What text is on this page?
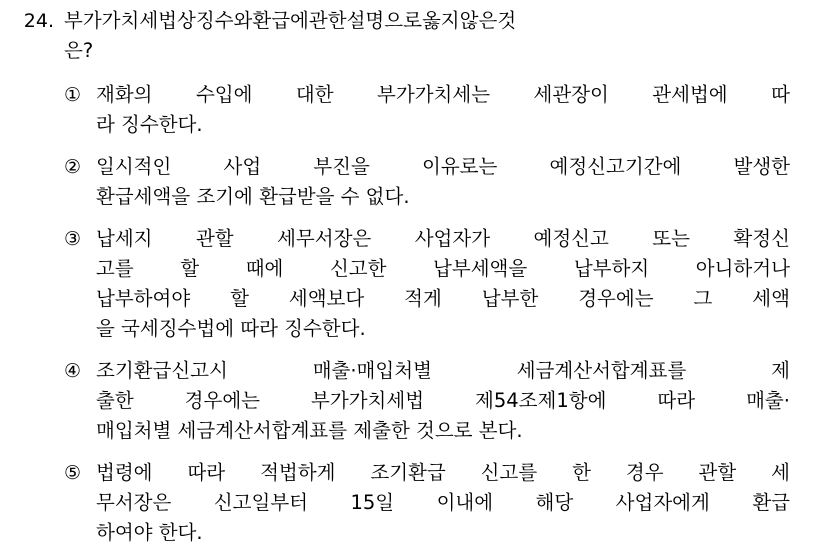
24. 부가가치세법상징수와환급에관한설명으로옳지않은것
은?
① 재화의 수입에 대한 부가가치세는 세관장이 관세법에 따
라 징수한다.
② 일시적인	사업	부진을	이유로는	예정신고기간에	발생한
환급세액을 조기에 환급받을 수 없다.
③ 납세지 관할 세무서장은 사업자가 예정신고 또는 확정신
고를 할 때에 신고한 납부세액을 납부하지 아니하거나
납부하여야 할 세액보다 적게 납부한 경우에는 그 세액
을 국세징수법에 따라 징수한다.
④ 조기환급신고시	매출·매입처별	세금계산서합계표를	제
출한	경우에는	부가가치세법	제54조제1항에	따라	매출·
매입처별 세금계산서합계표를 제출한 것으로 본다.
⑤ 법령에 따라 적법하게 조기환급 신고를 한 경우 관할 세
무서장은 신고일부터 15일 이내에 해당 사업자에게 환급
하여야 한다.
